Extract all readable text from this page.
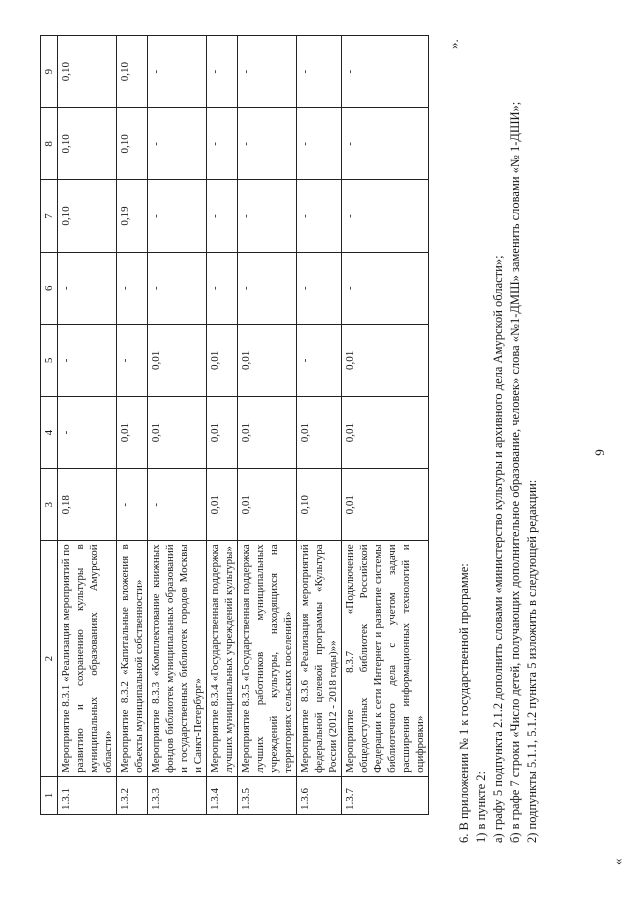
9
1	2	3	4	5	6	7	8	9
1.3.1	Мероприятие 8.3.1 «Реализация мероприятий по развитию и сохранению культуры в муниципальных образованиях Амурской области»	0,18	-	-	-	0,10	0,10	0,10
1.3.2	Мероприятие 8.3.2 «Капитальные вложения в объекты муниципальной собственности»	-	0,01	-	-	0,19	0,10	0,10
1.3.3	Мероприятие 8.3.3 «Комплектование книжных фондов библиотек муниципальных образований и государственных библиотек городов Москвы и Санкт-Петербург»	-	0,01	0,01	-	-	-	-
1.3.4	Мероприятие 8.3.4 «Государственная поддержка лучших муниципальных учреждений культуры»	0,01	0,01	0,01	-	-	-	-
1.3.5	Мероприятие 8.3.5 «Государственная поддержка лучших работников муниципальных учреждений культуры, находящихся на территориях сельских поселений»	0,01	0,01	0,01	-	-	-	-
1.3.6	Мероприятие 8.3.6 «Реализация мероприятий федеральной целевой программы «Культура России (2012 - 2018 годы)»»	0,10	0,01	-	-	-	-	-
1.3.7	Мероприятие 8.3.7 «Подключение общедоступных библиотек Российской Федерации к сети Интернет и развитие системы библиотечного дела с учетом задачи расширения информационных технологий и оцифровки»	0,01	0,01	0,01	-	-	-	-
».

6. В приложении № 1 к государственной программе: 1) в пункте 2: а) графу 5 подпункта 2.1.2 дополнить словами «министерство культуры и архивного дела Амурской области»; б) в графе 7 строки «Число детей, получающих дополнительное образование, человек» слова «№1-ДМШ» заменить словами «№ 1-ДШИ»; 2) подпункты 5.1.1, 5.1.2 пункта 5 изложить в следующей редакции:

«
